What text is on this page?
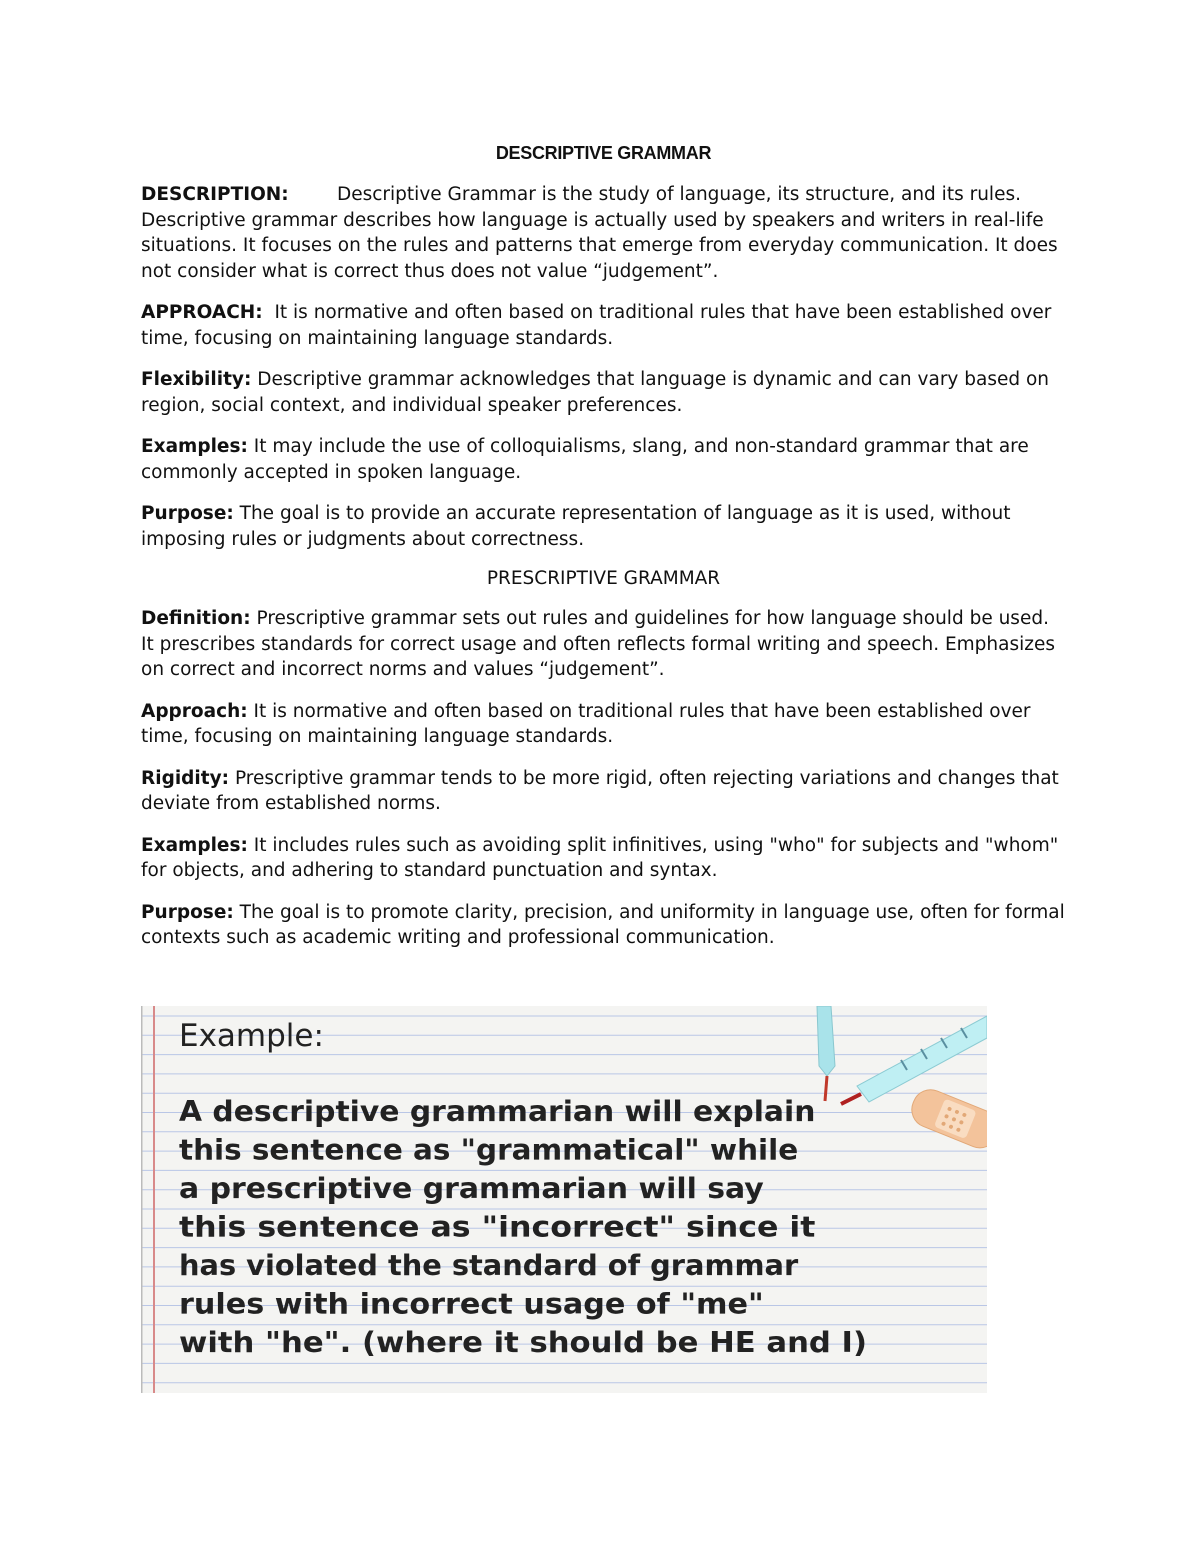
DESCRIPTIVE GRAMMAR

DESCRIPTION:	Descriptive Grammar is the study of language, its structure, and its rules. Descriptive grammar describes how language is actually used by speakers and writers in real-life situations. It focuses on the rules and patterns that emerge from everyday communication. It does not consider what is correct thus does not value “judgement”.

APPROACH: It is normative and often based on traditional rules that have been established over time, focusing on maintaining language standards.

Flexibility: Descriptive grammar acknowledges that language is dynamic and can vary based on region, social context, and individual speaker preferences.

Examples: It may include the use of colloquialisms, slang, and non-standard grammar that are commonly accepted in spoken language.

Purpose: The goal is to provide an accurate representation of language as it is used, without imposing rules or judgments about correctness.

PRESCRIPTIVE GRAMMAR

Definition: Prescriptive grammar sets out rules and guidelines for how language should be used. It prescribes standards for correct usage and often reflects formal writing and speech. Emphasizes on correct and incorrect norms and values “judgement”.

Approach: It is normative and often based on traditional rules that have been established over time, focusing on maintaining language standards.

Rigidity: Prescriptive grammar tends to be more rigid, often rejecting variations and changes that deviate from established norms.

Examples: It includes rules such as avoiding split infinitives, using "who" for subjects and "whom" for objects, and adhering to standard punctuation and syntax.

Purpose: The goal is to promote clarity, precision, and uniformity in language use, often for formal contexts such as academic writing and professional communication.

Example:
A descriptive grammarian will explain
this sentence as "grammatical" while
a prescriptive grammarian will say
this sentence as "incorrect" since it
has violated the standard of grammar
rules with incorrect usage of "me"
with "he". (where it should be HE and I)
